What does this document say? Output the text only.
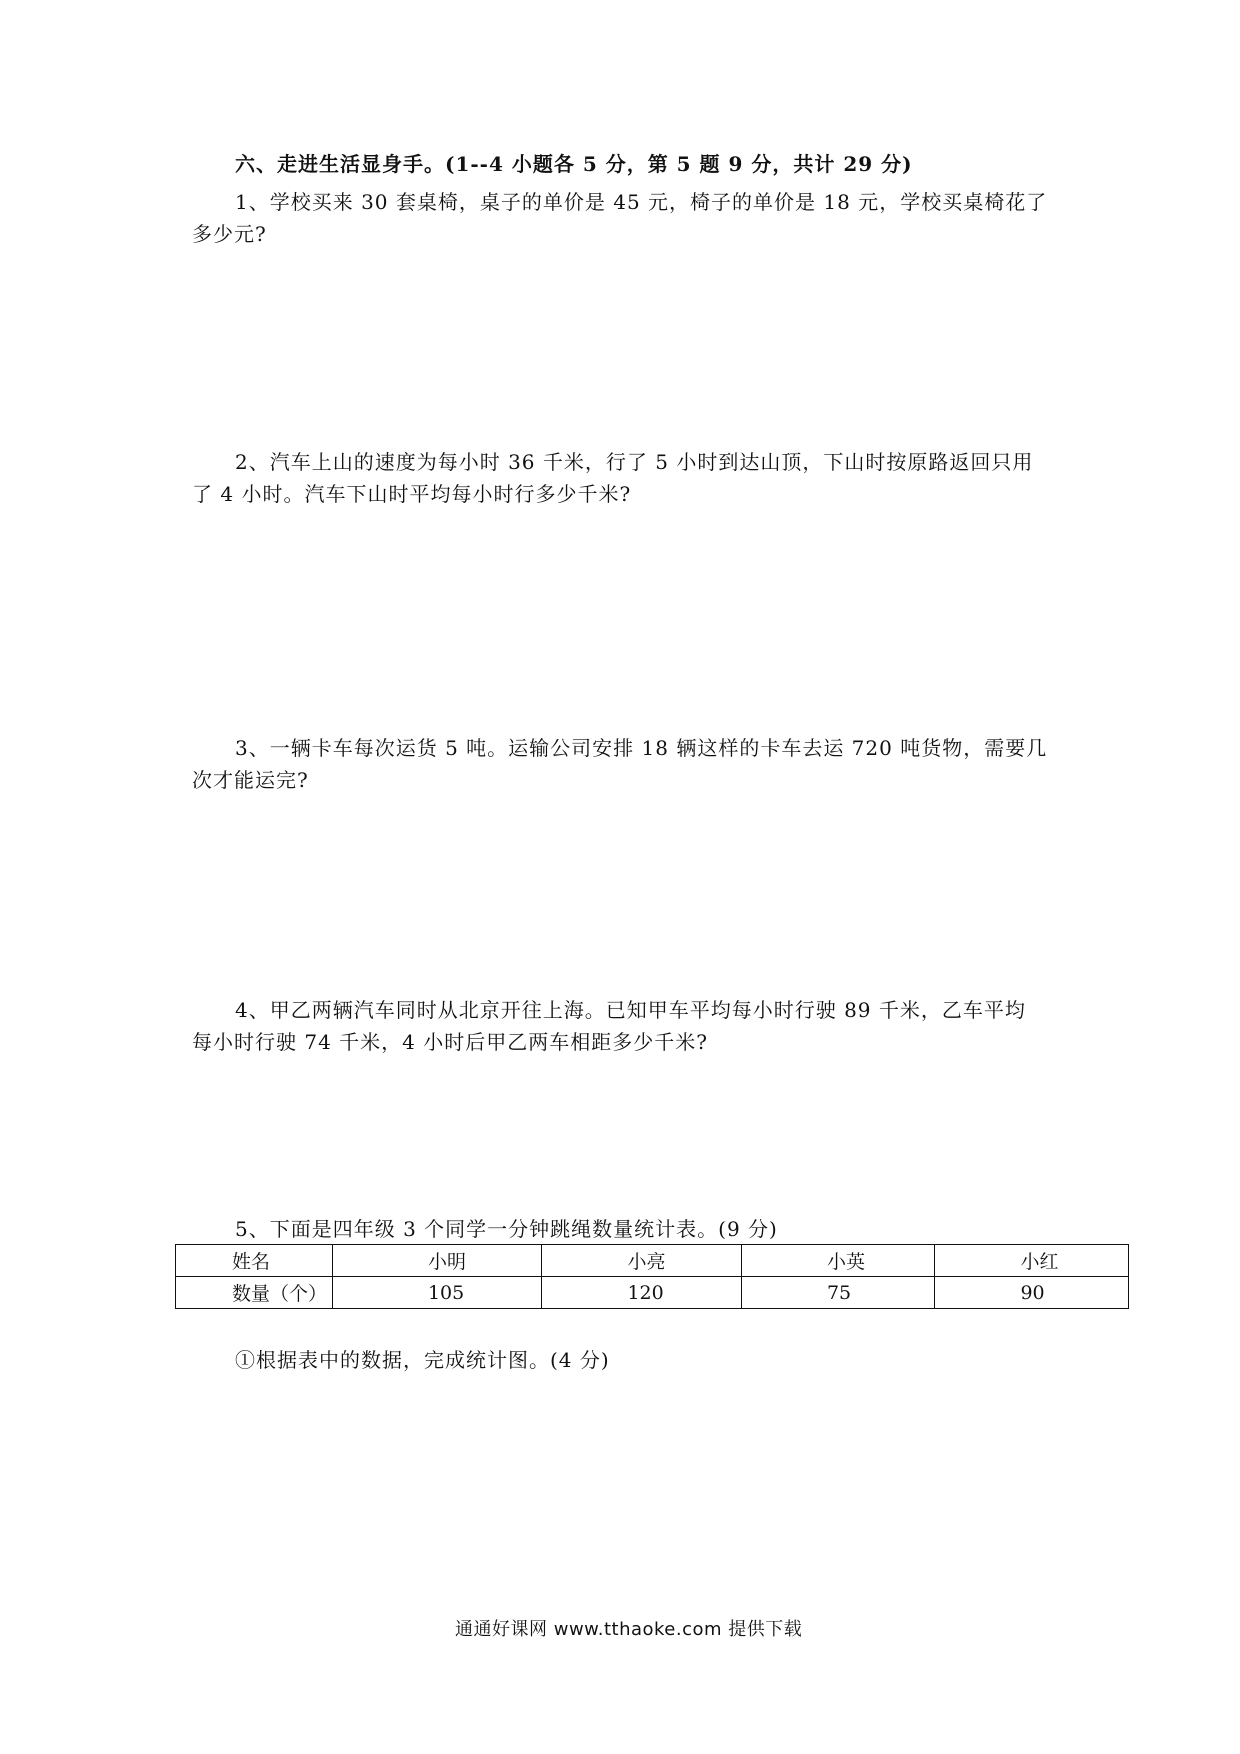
六、走进生活显身手。(1--4 小题各 5 分，第 5 题 9 分，共计 29 分)
1、学校买来 30 套桌椅，桌子的单价是 45 元，椅子的单价是 18 元，学校买桌椅花了
多少元?
2、汽车上山的速度为每小时 36 千米，行了 5 小时到达山顶，下山时按原路返回只用
了 4 小时。汽车下山时平均每小时行多少千米?
3、一辆卡车每次运货 5 吨。运输公司安排 18 辆这样的卡车去运 720 吨货物，需要几
次才能运完?
4、甲乙两辆汽车同时从北京开往上海。已知甲车平均每小时行驶 89 千米，乙车平均
每小时行驶 74 千米，4 小时后甲乙两车相距多少千米?
5、下面是四年级 3 个同学一分钟跳绳数量统计表。(9 分)
姓名	小明	小亮	小英	小红
数量（个）	105	120	75	90
①根据表中的数据，完成统计图。(4 分)
通通好课网 www.tthaoke.com 提供下载
